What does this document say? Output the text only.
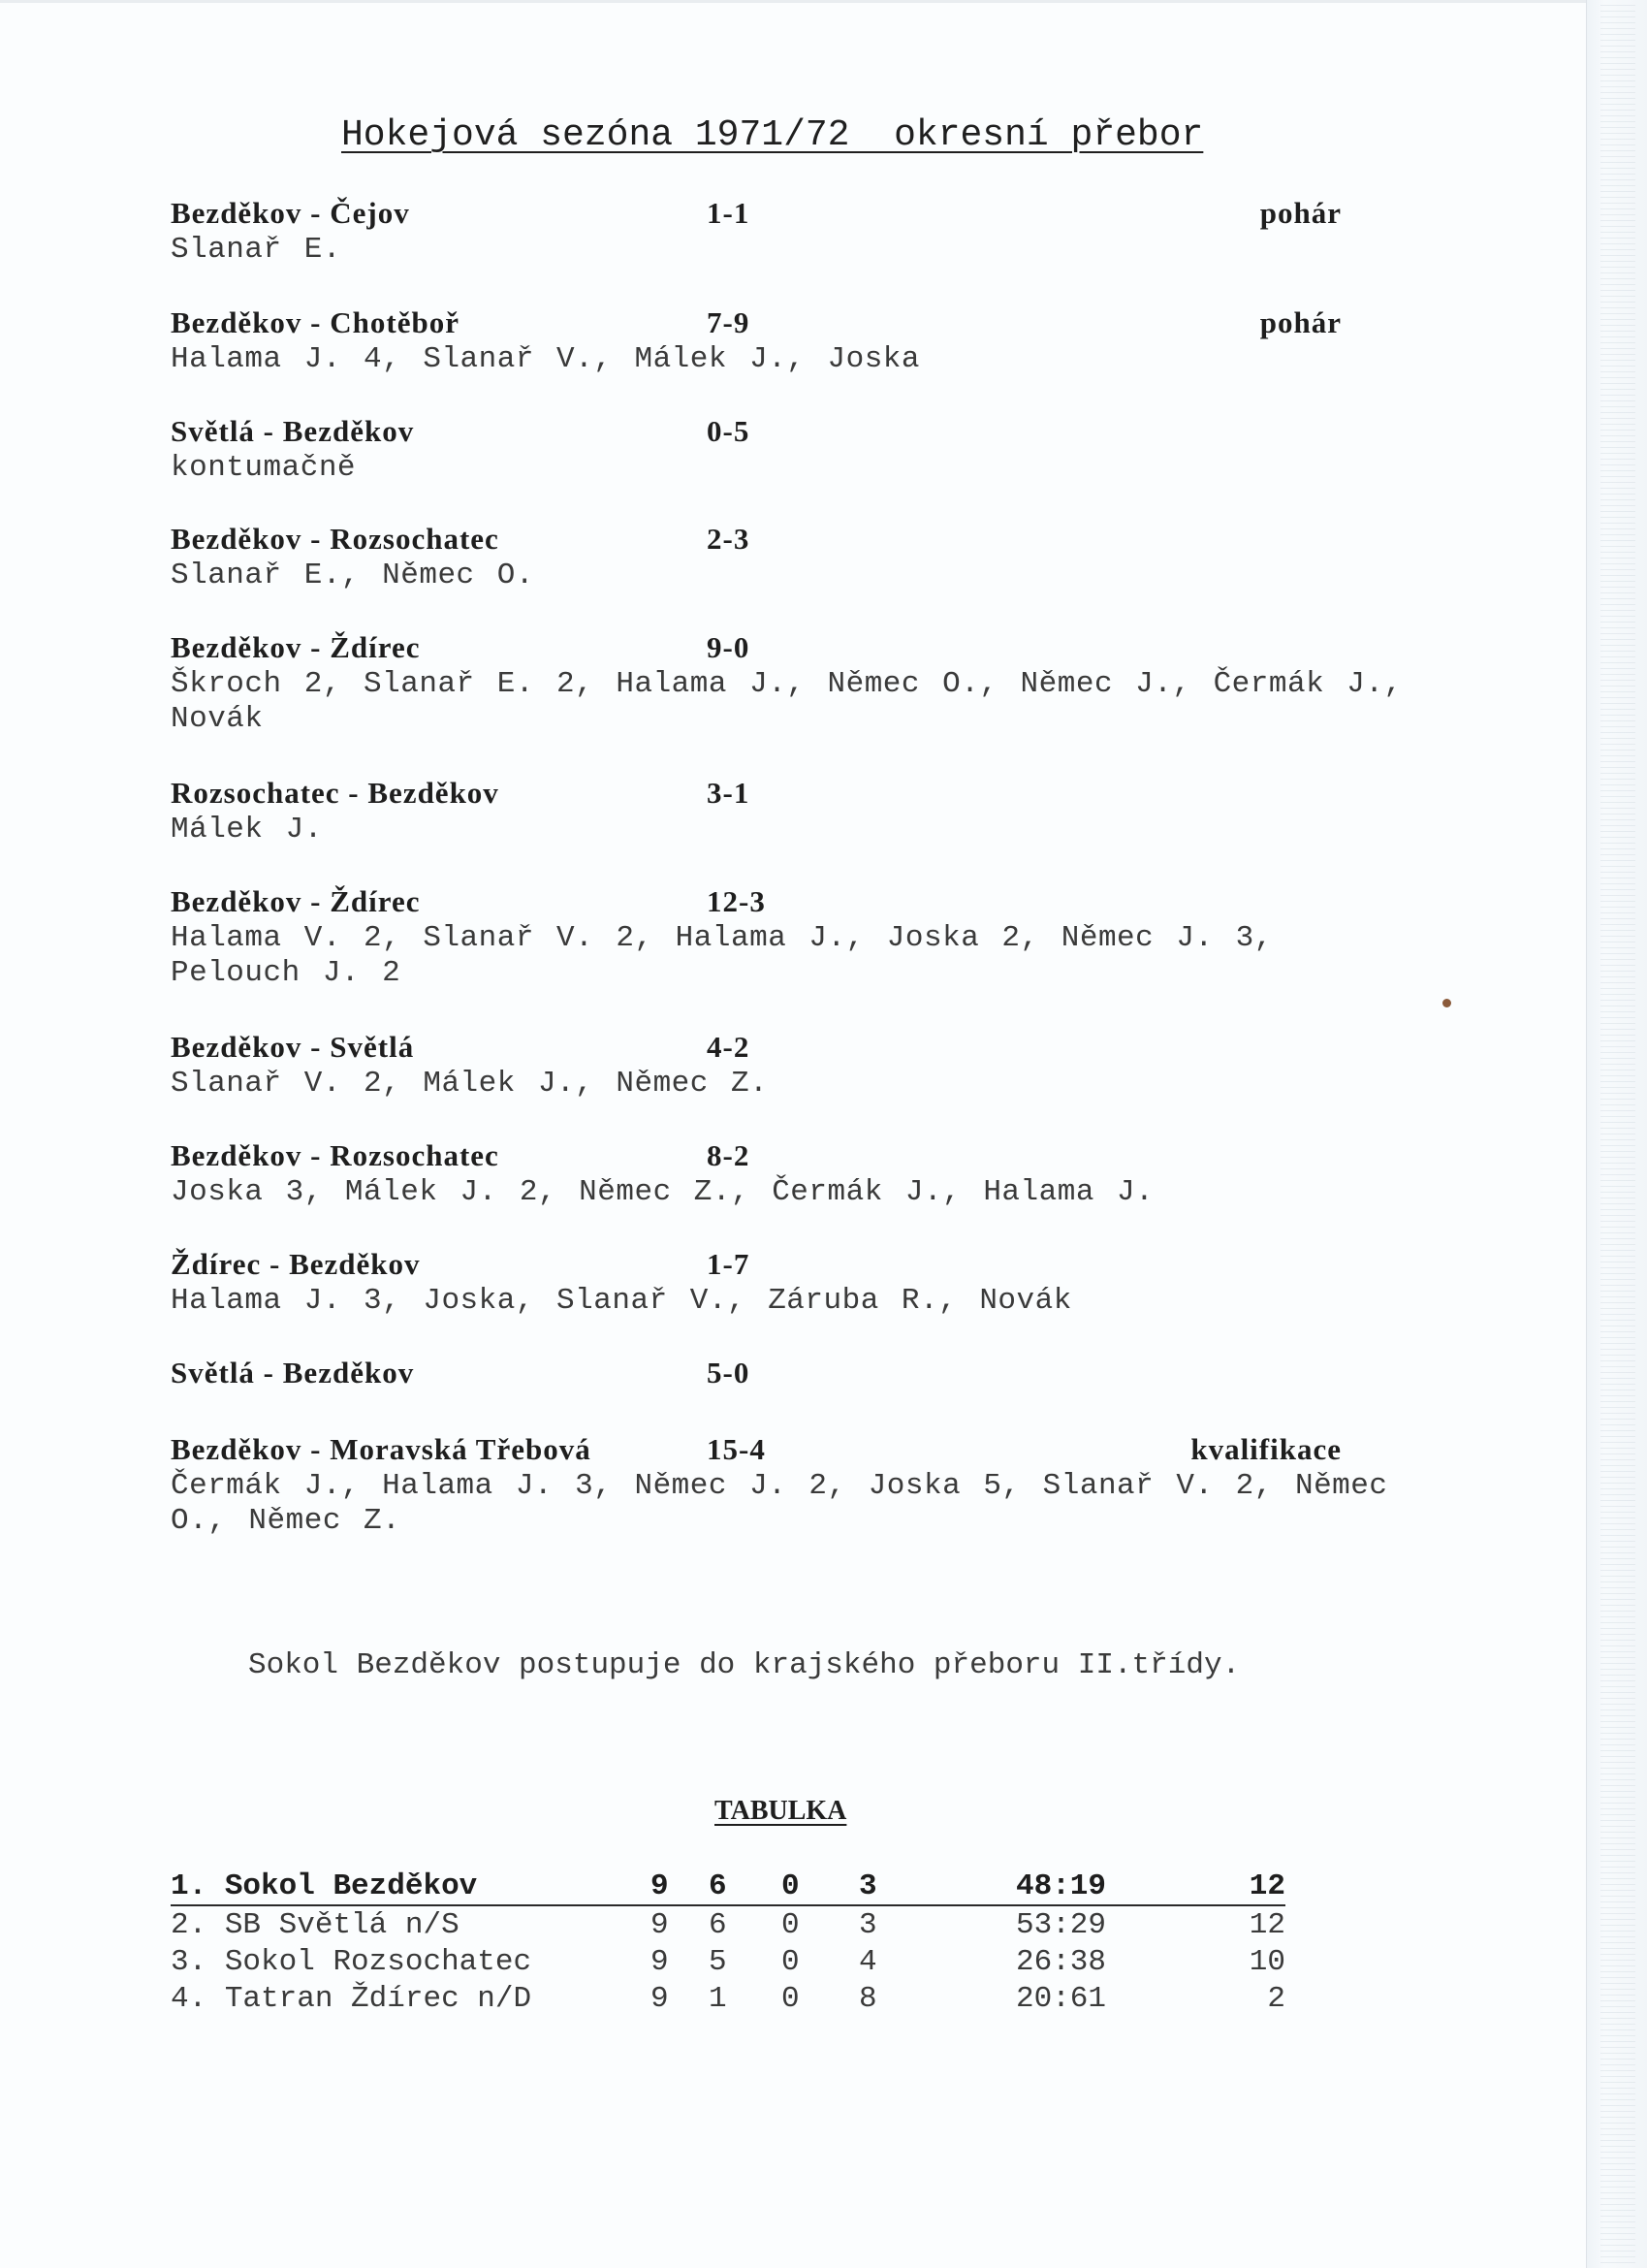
Hokejová sezóna 1971/72  okresní přebor
Bezděkov - Čejov	1-1	pohár
Slanař E.
Bezděkov - Chotěboř	7-9	pohár
Halama J. 4, Slanař V., Málek J., Joska
Světlá - Bezděkov	0-5
kontumačně
Bezděkov - Rozsochatec	2-3
Slanař E., Němec O.
Bezděkov - Ždírec	9-0
Škroch 2, Slanař E. 2, Halama J., Němec O., Němec J., Čermák J., Novák
Rozsochatec - Bezděkov	3-1
Málek J.
Bezděkov - Ždírec	12-3
Halama V. 2, Slanař V. 2, Halama J., Joska 2, Němec J. 3, Pelouch J. 2
Bezděkov - Světlá	4-2
Slanař V. 2, Málek J., Němec Z.
Bezděkov - Rozsochatec	8-2
Joska 3, Málek J. 2, Němec Z., Čermák J., Halama J.
Ždírec - Bezděkov	1-7
Halama J. 3, Joska, Slanař V., Záruba R., Novák
Světlá - Bezděkov	5-0
Bezděkov - Moravská Třebová	15-4	kvalifikace
Čermák J., Halama J. 3, Němec J. 2, Joska 5, Slanař V. 2, Němec O., Němec Z.
Sokol Bezděkov postupuje do krajského přeboru II.třídy.
TABULKA
1. Sokol Bezděkov	9 6 0 3	48:19	12
2. SB Světlá n/S	9 6 0 3	53:29	12
3. Sokol Rozsochatec	9 5 0 4	26:38	10
4. Tatran Ždírec n/D	9 1 0 8	20:61	2
